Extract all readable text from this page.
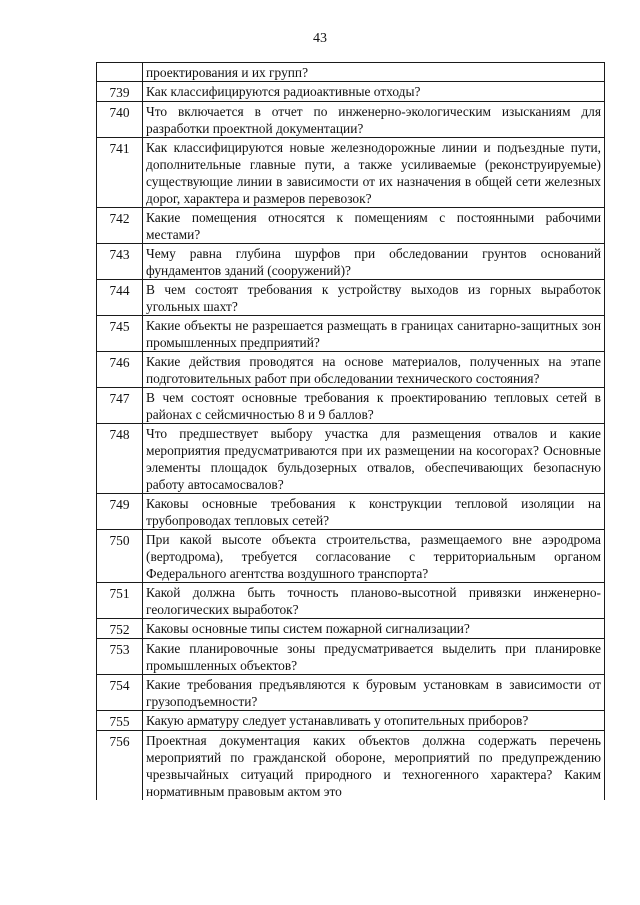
43
	проектирования и их групп?
739	Как классифицируются радиоактивные отходы?
740	Что включается в отчет по инженерно-экологическим изысканиям для разработки проектной документации?
741	Как классифицируются новые железнодорожные линии и подъездные пути, дополнительные главные пути, а также усиливаемые (реконструируемые) существующие линии в зависимости от их назначения в общей сети железных дорог, характера и размеров перевозок?
742	Какие помещения относятся к помещениям с постоянными рабочими местами?
743	Чему равна глубина шурфов при обследовании грунтов оснований фундаментов зданий (сооружений)?
744	В чем состоят требования к устройству выходов из горных выработок угольных шахт?
745	Какие объекты не разрешается размещать в границах санитарно-защитных зон промышленных предприятий?
746	Какие действия проводятся на основе материалов, полученных на этапе подготовительных работ при обследовании технического состояния?
747	В чем состоят основные требования к проектированию тепловых сетей в районах с сейсмичностью 8 и 9 баллов?
748	Что предшествует выбору участка для размещения отвалов и какие мероприятия предусматриваются при их размещении на косогорах? Основные элементы площадок бульдозерных отвалов, обеспечивающих безопасную работу автосамосвалов?
749	Каковы основные требования к конструкции тепловой изоляции на трубопроводах тепловых сетей?
750	При какой высоте объекта строительства, размещаемого вне аэродрома (вертодрома), требуется согласование с территориальным органом Федерального агентства воздушного транспорта?
751	Какой должна быть точность планово-высотной привязки инженерно-геологических выработок?
752	Каковы основные типы систем пожарной сигнализации?
753	Какие планировочные зоны предусматривается выделить при планировке промышленных объектов?
754	Какие требования предъявляются к буровым установкам в зависимости от грузоподъемности?
755	Какую арматуру следует устанавливать у отопительных приборов?
756	Проектная документация каких объектов должна содержать перечень мероприятий по гражданской обороне, мероприятий по предупреждению чрезвычайных ситуаций природного и техногенного характера? Каким нормативным правовым актом это
